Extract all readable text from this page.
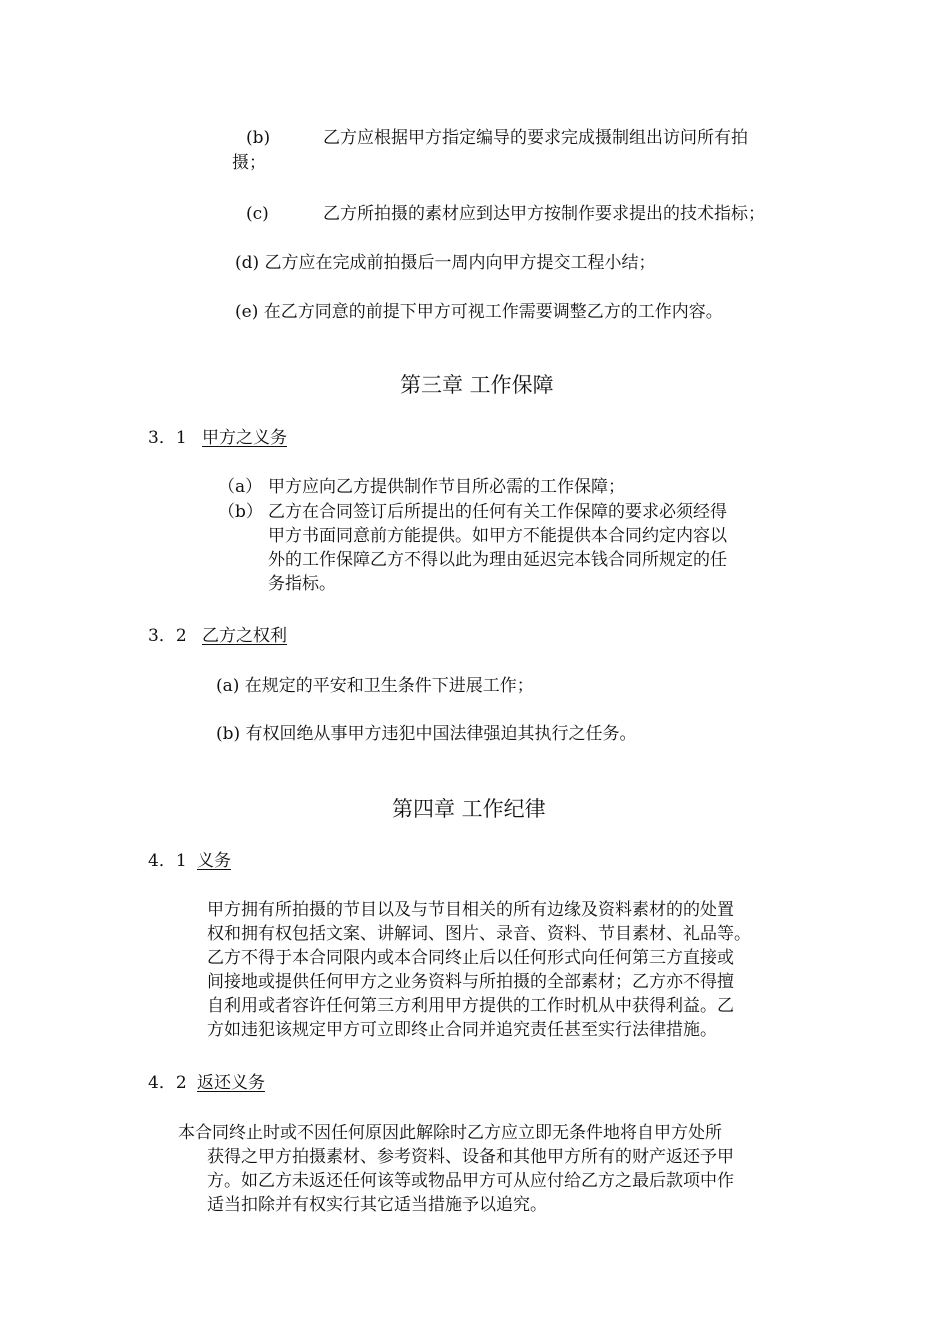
(b)	乙方应根据甲方指定编导的要求完成摄制组出访问所有拍
摄；
(c)	乙方所拍摄的素材应到达甲方按制作要求提出的技术指标；
(d) 乙方应在完成前拍摄后一周内向甲方提交工程小结；
(e) 在乙方同意的前提下甲方可视工作需要调整乙方的工作内容。
第三章 工作保障
3．1 甲方之义务
（a） 甲方应向乙方提供制作节目所必需的工作保障；
（b） 乙方在合同签订后所提出的任何有关工作保障的要求必须经得
甲方书面同意前方能提供。如甲方不能提供本合同约定内容以
外的工作保障乙方不得以此为理由延迟完本钱合同所规定的任
务指标。
3．2 乙方之权利
(a) 在规定的平安和卫生条件下进展工作；
(b) 有权回绝从事甲方违犯中国法律强迫其执行之任务。
第四章 工作纪律
4．1 义务
甲方拥有所拍摄的节目以及与节目相关的所有边缘及资料素材的的处置
权和拥有权包括文案、讲解词、图片、录音、资料、节目素材、礼品等。
乙方不得于本合同限内或本合同终止后以任何形式向任何第三方直接或
间接地或提供任何甲方之业务资料与所拍摄的全部素材；乙方亦不得擅
自利用或者容许任何第三方利用甲方提供的工作时机从中获得利益。乙
方如违犯该规定甲方可立即终止合同并追究责任甚至实行法律措施。
4．2 返还义务
本合同终止时或不因任何原因此解除时乙方应立即无条件地将自甲方处所
获得之甲方拍摄素材、参考资料、设备和其他甲方所有的财产返还予甲
方。如乙方未返还任何该等或物品甲方可从应付给乙方之最后款项中作
适当扣除并有权实行其它适当措施予以追究。
